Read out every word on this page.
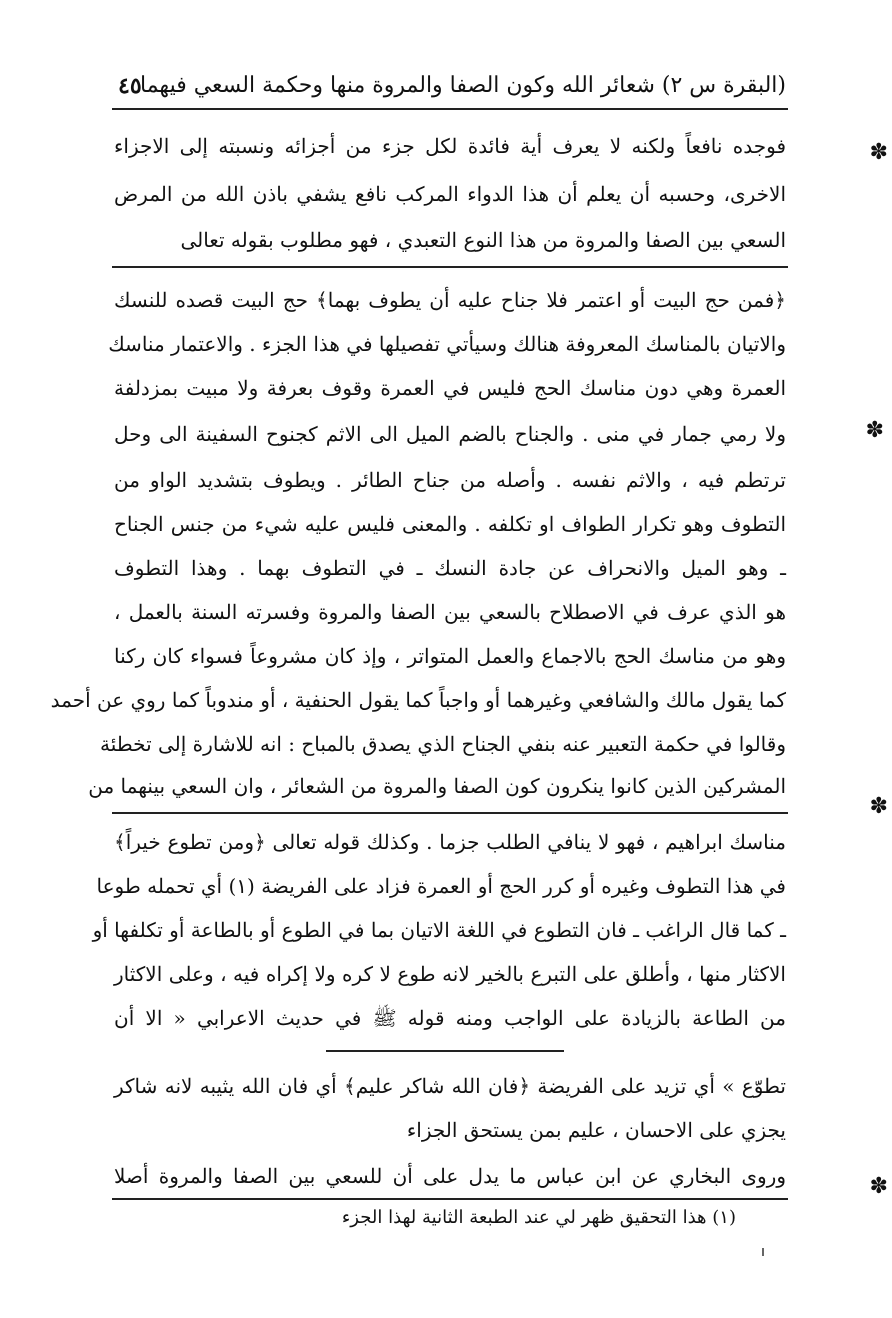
٤٥
(البقرة س ٢) شعائر الله وكون الصفا والمروة منها وحكمة السعي فيهما
فوجده نافعاً ولكنه لا يعرف أية فائدة لكل جزء من أجزائه ونسبته إلى الاجزاء
الاخرى، وحسبه أن يعلم أن هذا الدواء المركب نافع يشفي باذن الله من المرض
السعي بين الصفا والمروة من هذا النوع التعبدي ، فهو مطلوب بقوله تعالى
﴿فمن حج البيت أو اعتمر فلا جناح عليه أن يطوف بهما﴾ حج البيت قصده للنسك
والاتيان بالمناسك المعروفة هنالك وسيأتي تفصيلها في هذا الجزء . والاعتمار مناسك
العمرة وهي دون مناسك الحج فليس في العمرة وقوف بعرفة ولا مبيت بمزدلفة
ولا رمي جمار في منى . والجناح بالضم الميل الى الاثم كجنوح السفينة الى وحل
ترتطم فيه ، والاثم نفسه . وأصله من جناح الطائر . ويطوف بتشديد الواو من
التطوف وهو تكرار الطواف او تكلفه . والمعنى فليس عليه شيء من جنس الجناح
ـ وهو الميل والانحراف عن جادة النسك ـ في التطوف بهما . وهذا التطوف
هو الذي عرف في الاصطلاح بالسعي بين الصفا والمروة وفسرته السنة بالعمل ،
وهو من مناسك الحج بالاجماع والعمل المتواتر ، وإذ كان مشروعاً فسواء كان ركنا
كما يقول مالك والشافعي وغيرهما أو واجباً كما يقول الحنفية ، أو مندوباً كما روي عن أحمد
وقالوا في حكمة التعبير عنه بنفي الجناح الذي يصدق بالمباح : انه للاشارة إلى تخطئة
المشركين الذين كانوا ينكرون كون الصفا والمروة من الشعائر ، وان السعي بينهما من
مناسك ابراهيم ، فهو لا ينافي الطلب جزما . وكذلك قوله تعالى ﴿ومن تطوع خيراً﴾
في هذا التطوف وغيره أو كرر الحج أو العمرة فزاد على الفريضة (١) أي تحمله طوعا
ـ كما قال الراغب ـ فان التطوع في اللغة الاتيان بما في الطوع أو بالطاعة أو تكلفها أو
الاكثار منها ، وأطلق على التبرع بالخير لانه طوع لا كره ولا إكراه فيه ، وعلى الاكثار
من الطاعة بالزيادة على الواجب ومنه قوله ﷺ في حديث الاعرابي « الا أن
تطوّع » أي تزيد على الفريضة ﴿فان الله شاكر عليم﴾ أي فان الله يثيبه لانه شاكر
يجزي على الاحسان ، عليم بمن يستحق الجزاء
وروى البخاري عن ابن عباس ما يدل على أن للسعي بين الصفا والمروة أصلا
(١) هذا التحقيق ظهر لي عند الطبعة الثانية لهذا الجزء
✽
✽
✽
✽
